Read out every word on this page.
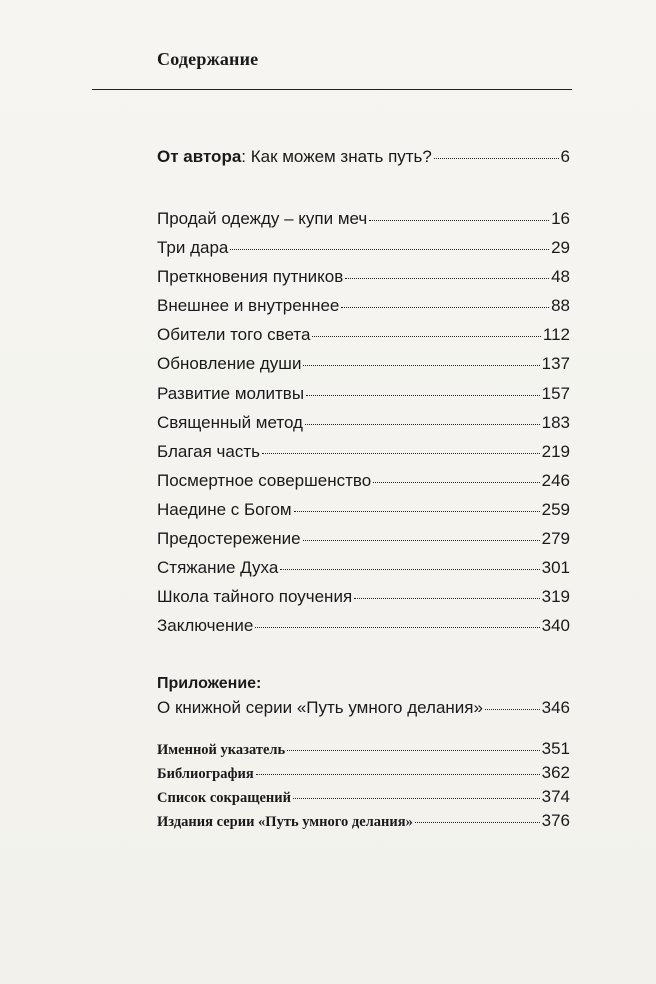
Содержание
От автора: Как можем знать путь?	6
Продай одежду – купи меч	16
Три дара	29
Преткновения путников	48
Внешнее и внутреннее	88
Обители того света	112
Обновление души	137
Развитие молитвы	157
Священный метод	183
Благая часть	219
Посмертное совершенство	246
Наедине с Богом	259
Предостережение	279
Стяжание Духа	301
Школа тайного поучения	319
Заключение	340
Приложение:
О книжной серии «Путь умного делания»	346
Именной указатель	351
Библиография	362
Список сокращений	374
Издания серии «Путь умного делания»	376
